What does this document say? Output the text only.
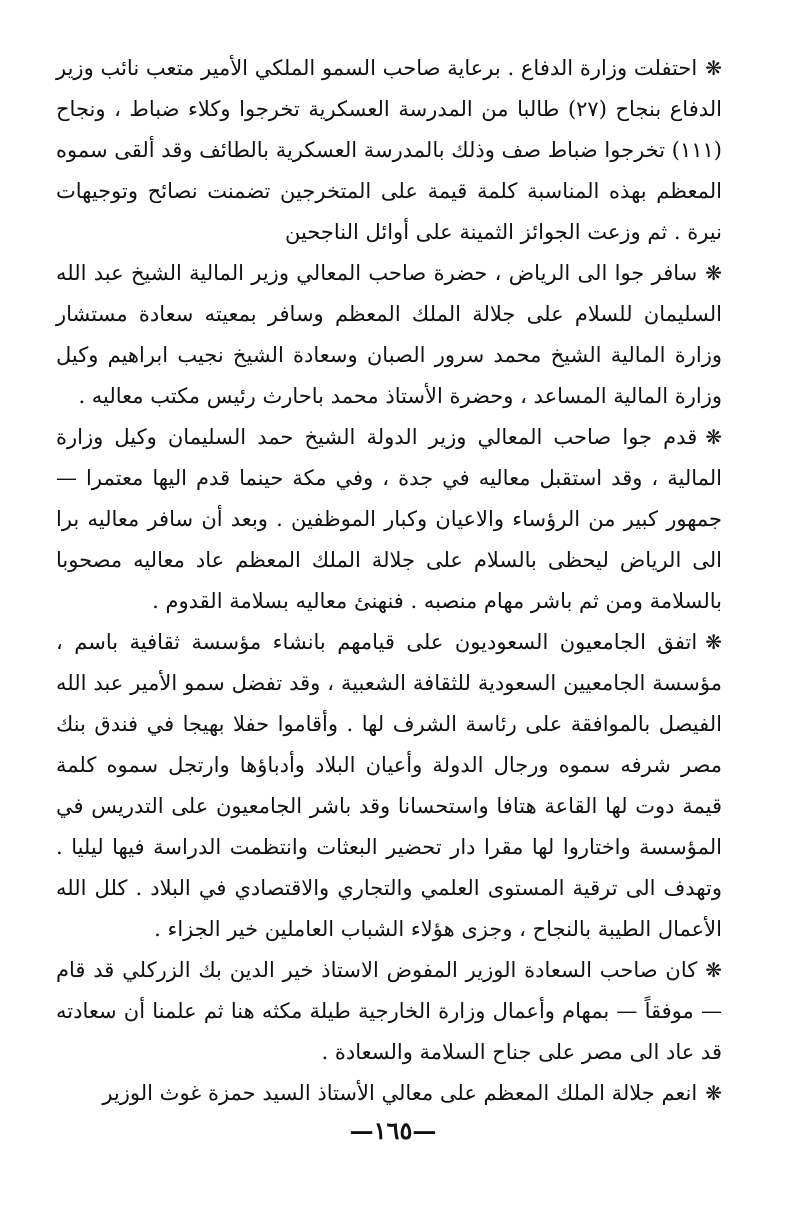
❋احتفلت وزارة الدفاع . برعاية صاحب السمو الملكي الأمير متعب نائب وزير الدفاع بنجاح (٢٧) طالبا من المدرسة العسكرية تخرجوا وكلاء ضباط ، ونجاح (١١١) تخرجوا ضباط صف وذلك بالمدرسة العسكرية بالطائف وقد ألقى سموه المعظم بهذه المناسبة كلمة قيمة على المتخرجين تضمنت نصائح وتوجيهات نيرة . ثم وزعت الجوائز الثمينة على أوائل الناجحين

❋سافر جوا الى الرياض ، حضرة صاحب المعالي وزير المالية الشيخ عبد الله السليمان للسلام على جلالة الملك المعظم وسافر بمعيته سعادة مستشار وزارة المالية الشيخ محمد سرور الصبان وسعادة الشيخ نجيب ابراهيم وكيل وزارة المالية المساعد ، وحضرة الأستاذ محمد باحارث رئيس مكتب معاليه .

❋قدم جوا صاحب المعالي وزير الدولة الشيخ حمد السليمان وكيل وزارة المالية ، وقد استقبل معاليه في جدة ، وفي مكة حينما قدم اليها معتمرا — جمهور كبير من الرؤساء والاعيان وكبار الموظفين . وبعد أن سافر معاليه برا الى الرياض ليحظى بالسلام على جلالة الملك المعظم عاد معاليه مصحوبا بالسلامة ومن ثم باشر مهام منصبه . فنهنئ معاليه بسلامة القدوم .

❋اتفق الجامعيون السعوديون على قيامهم بانشاء مؤسسة ثقافية باسم ، مؤسسة الجامعيين السعودية للثقافة الشعبية ، وقد تفضل سمو الأمير عبد الله الفيصل بالموافقة على رئاسة الشرف لها . وأقاموا حفلا بهيجا في فندق بنك مصر شرفه سموه ورجال الدولة وأعيان البلاد وأدباؤها وارتجل سموه كلمة قيمة دوت لها القاعة هتافا واستحسانا وقد باشر الجامعيون على التدريس في المؤسسة واختاروا لها مقرا دار تحضير البعثات وانتظمت الدراسة فيها ليليا . وتهدف الى ترقية المستوى العلمي والتجاري والاقتصادي في البلاد . كلل الله الأعمال الطيبة بالنجاح ، وجزى هؤلاء الشباب العاملين خير الجزاء .

❋كان صاحب السعادة الوزير المفوض الاستاذ خير الدين بك الزركلي قد قام — موفقاً — بمهام وأعمال وزارة الخارجية طيلة مكثه هنا ثم علمنا أن سعادته قد عاد الى مصر على جناح السلامة والسعادة .

❋انعم جلالة الملك المعظم على معالي الأستاذ السيد حمزة غوث الوزير

—١٦٥—
